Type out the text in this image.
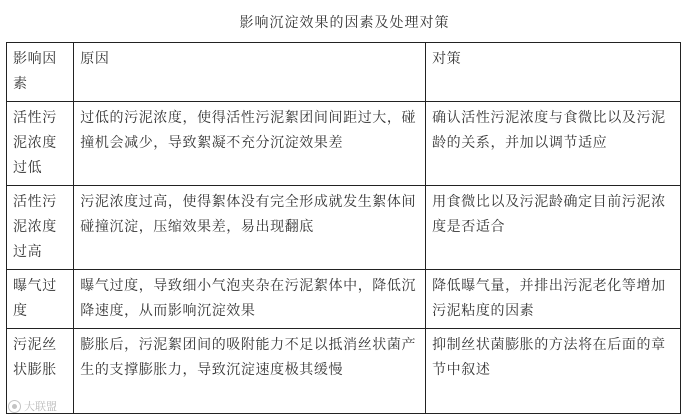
影响沉淀效果的因素及处理对策
影响因素	原因	对策
活性污泥浓度过低	过低的污泥浓度，使得活性污泥絮团间间距过大，碰撞机会减少，导致絮凝不充分沉淀效果差	确认活性污泥浓度与食微比以及污泥龄的关系，并加以调节适应
活性污泥浓度过高	污泥浓度过高，使得絮体没有完全形成就发生絮体间碰撞沉淀，压缩效果差，易出现翻底	用食微比以及污泥龄确定目前污泥浓度是否适合
曝气过度	曝气过度，导致细小气泡夹杂在污泥絮体中，降低沉降速度，从而影响沉淀效果	降低曝气量，并排出污泥老化等增加污泥粘度的因素
污泥丝状膨胀	膨胀后，污泥絮团间的吸附能力不足以抵消丝状菌产生的支撑膨胀力，导致沉淀速度极其缓慢	抑制丝状菌膨胀的方法将在后面的章节中叙述
大联盟
